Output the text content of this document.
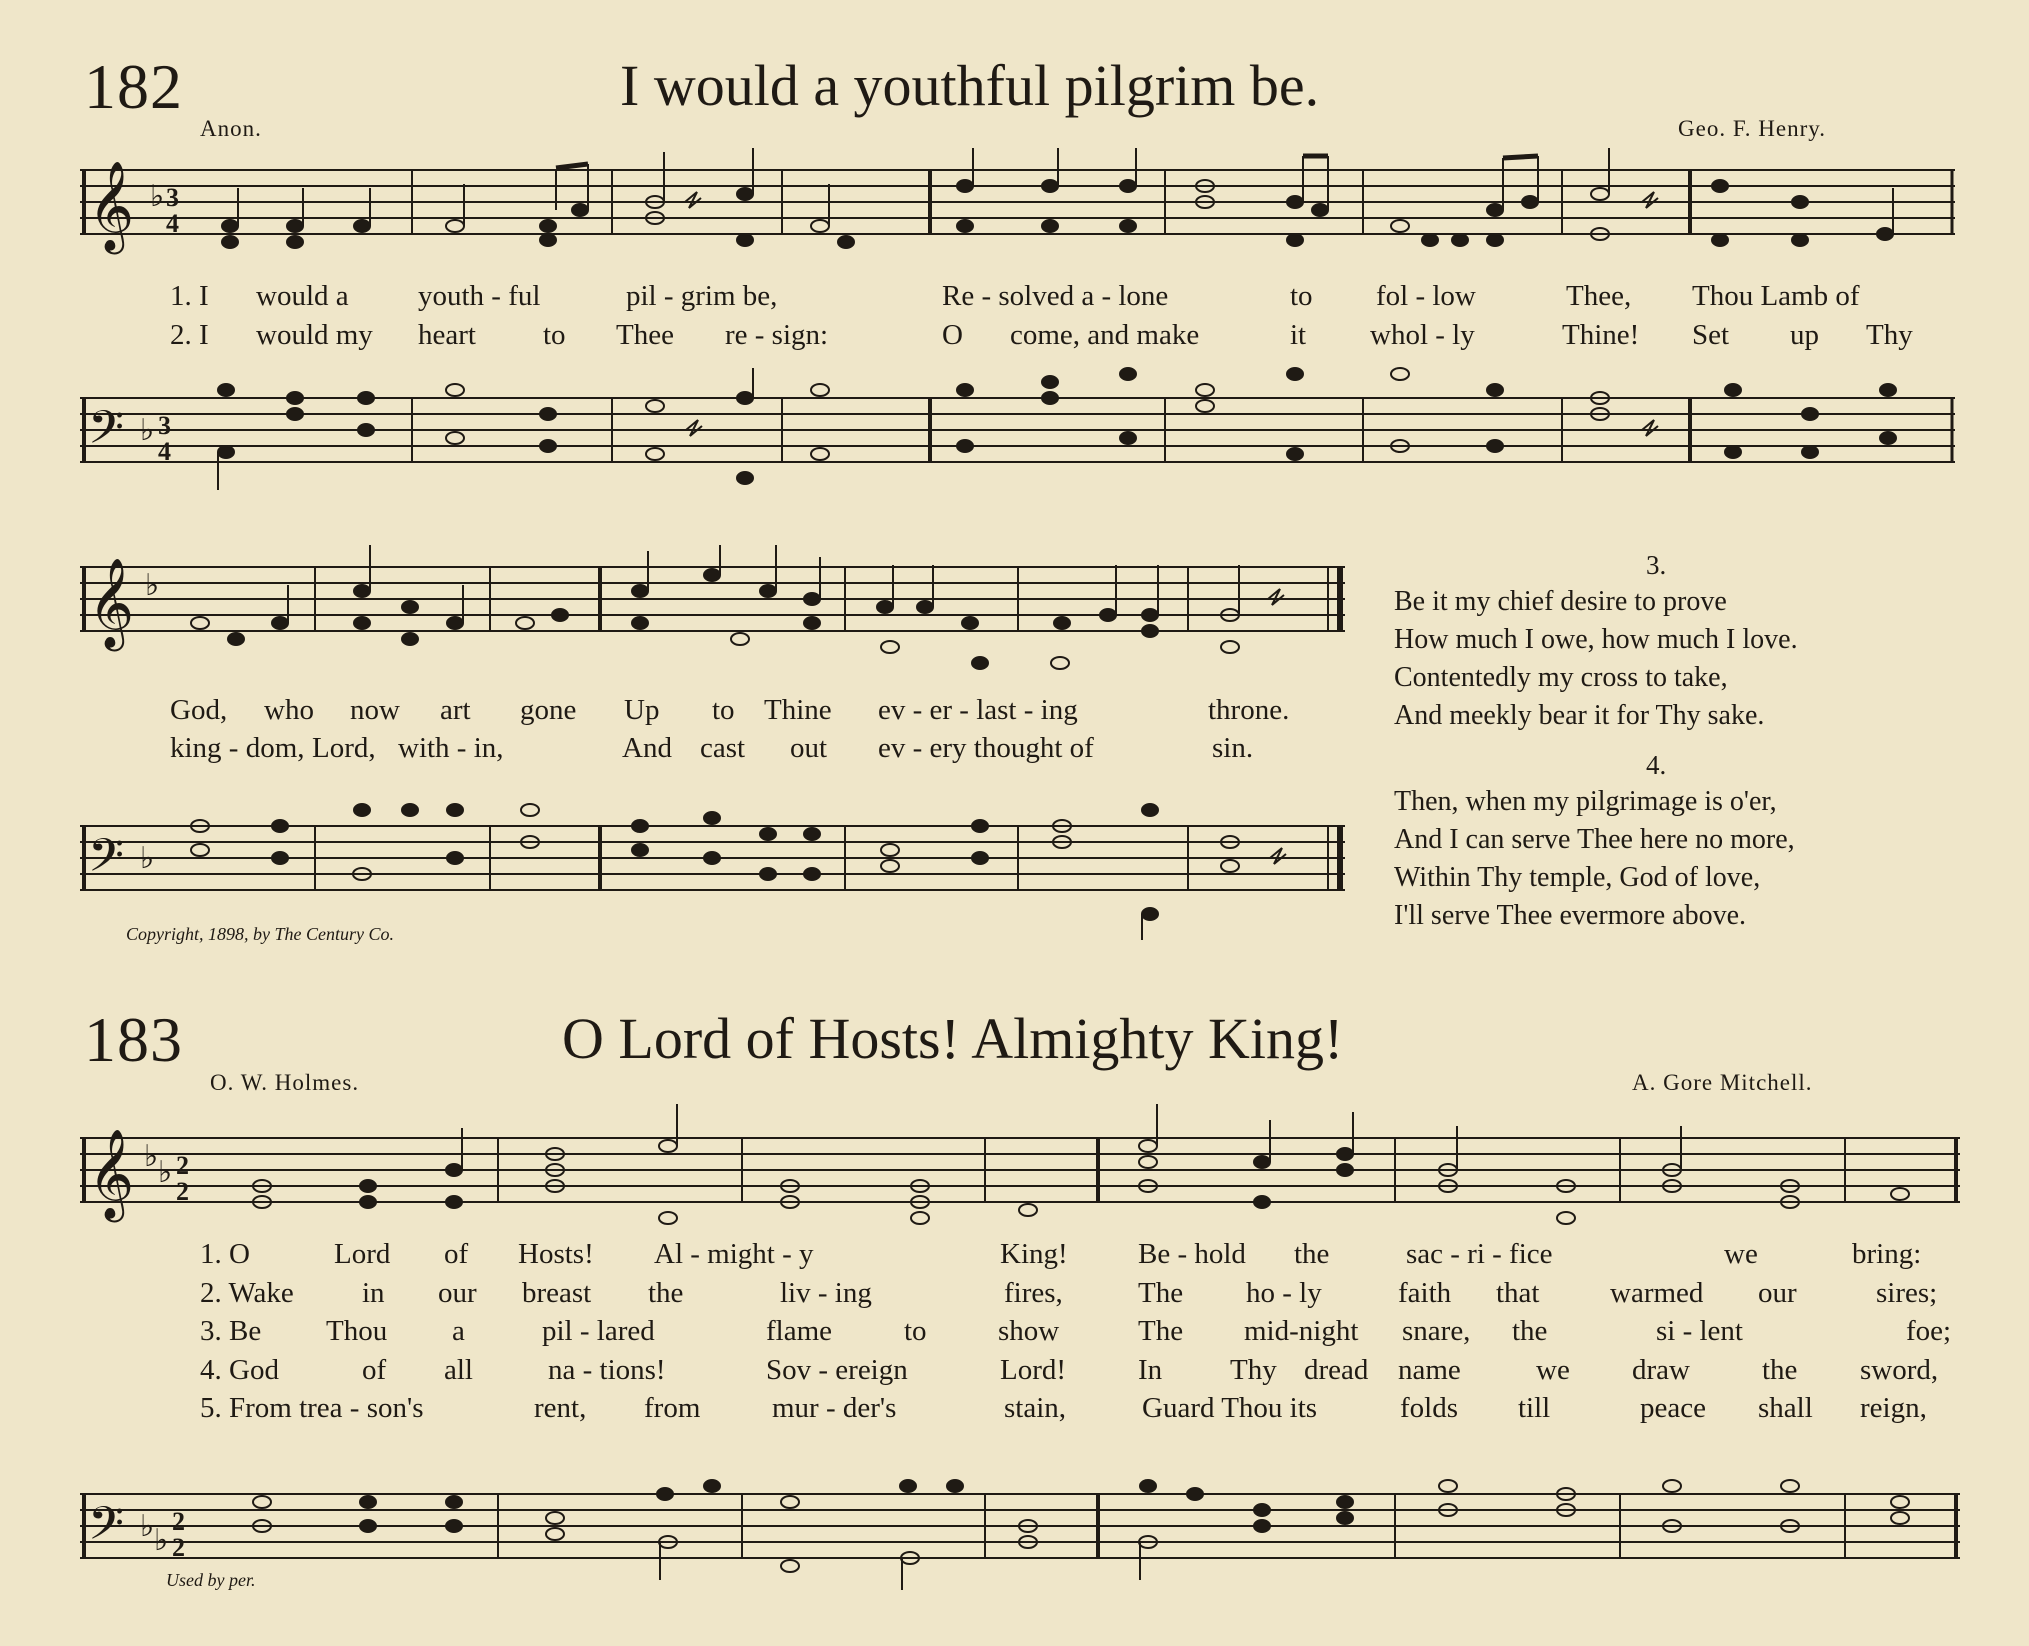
182	I would a youthful pilgrim be.
Anon.	Geo. F. Henry.
𝄞 ♭ 3
4
1. I would a youth - ful	pil - grim be,	Re - solved a - lone	to fol - low	Thee, Thou Lamb of
2. I would my heart to Thee re - sign:	O come, and make	it whol - ly	Thine! Set up Thy
𝄢 ♭ 3
4
𝄞 ♭
God, who now art gone Up to Thine ev - er - last - ing	throne.
king - dom, Lord, with - in,	And cast out ev - ery thought of	sin.
𝄢 ♭
Copyright, 1898, by The Century Co.
3.
Be it my chief desire to prove
How much I owe, how much I love.
Contentedly my cross to take,
And meekly bear it for Thy sake.
4.
Then, when my pilgrimage is o'er,
And I can serve Thee here no more,
Within Thy temple, God of love,
I'll serve Thee evermore above.
183	O Lord of Hosts! Almighty King!
O. W. Holmes.	A. Gore Mitchell.
𝄞 ♭ ♭ 2
2
1. O	Lord of Hosts! Al - might - y	King! Be - hold the	sac - ri - fice	we	bring:
2. Wake in our breast the	liv - ing	fires,	The ho - ly	faith that warmed our	sires;
3. Be Thou a	pil - lared	flame to show	The mid-night snare, the	si - lent	foe;
4. God	of all	na - tions!	Sov - ereign	Lord! In Thy dread name	we draw the sword,
5. From trea - son's	rent, from mur - der's	stain,	Guard Thou its	folds till	peace shall reign,
𝄢 ♭ ♭
2
2
Used by per.
